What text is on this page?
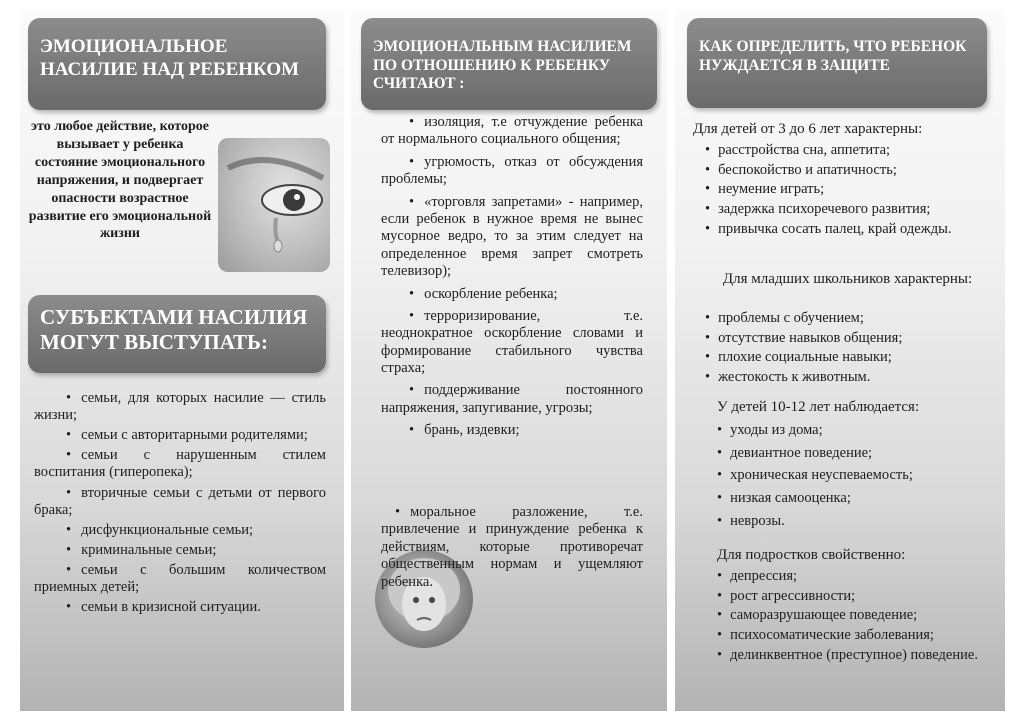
ЭМОЦИОНАЛЬНОЕ НАСИЛИЕ НАД РЕБЕНКОМ
это любое действие, которое вызывает у ребенка состояние эмоционального напряжения, и подвергает опасности возрастное развитие его эмоциональной жизни
СУБЪЕКТАМИ НАСИЛИЯ МОГУТ ВЫСТУПАТЬ:
• семьи, для которых насилие — стиль жизни;
• семьи с авторитарными родителями;
• семьи с нарушенным стилем воспитания (гиперопека);
• вторичные семьи с детьми от первого брака;
• дисфункциональные семьи;
• криминальные семьи;
• семьи с большим количеством приемных детей;
• семьи в кризисной ситуации.
ЭМОЦИОНАЛЬНЫМ НАСИЛИЕМ ПО ОТНОШЕНИЮ К РЕБЕНКУ СЧИТАЮТ :
• изоляция, т.е отчуждение ребенка от нормального социального общения;
• угрюмость, отказ от обсуждения проблемы;
• «торговля запретами» - например, если ребенок в нужное время не вынес мусорное ведро, то за этим следует на определенное время запрет смотреть телевизор);
• оскорбление ребенка;
• терроризирование, т.е. неоднократное оскорбление словами и формирование стабильного чувства страха;
• поддерживание постоянного напряжения, запугивание, угрозы;
• брань, издевки;
• моральное разложение, т.е. привлечение и принуждение ребенка к действиям, которые противоречат общественным нормам и ущемляют ребенка.
КАК ОПРЕДЕЛИТЬ, ЧТО РЕБЕНОК НУЖДАЕТСЯ В ЗАЩИТЕ
Для детей от 3 до 6 лет характерны:
• расстройства сна, аппетита;
• беспокойство и апатичность;
• неумение играть;
• задержка психоречевого развития;
• привычка сосать палец, край одежды.
Для младших школьников характерны:
• проблемы с обучением;
• отсутствие навыков общения;
• плохие социальные навыки;
• жестокость к животным.
У детей 10-12 лет наблюдается:
• уходы из дома;
• девиантное поведение;
• хроническая неуспеваемость;
• низкая самооценка;
• неврозы.
Для подростков свойственно:
• депрессия;
• рост агрессивности;
• саморазрушающее поведение;
• психосоматические заболевания;
• делинквентное (преступное) поведение.
